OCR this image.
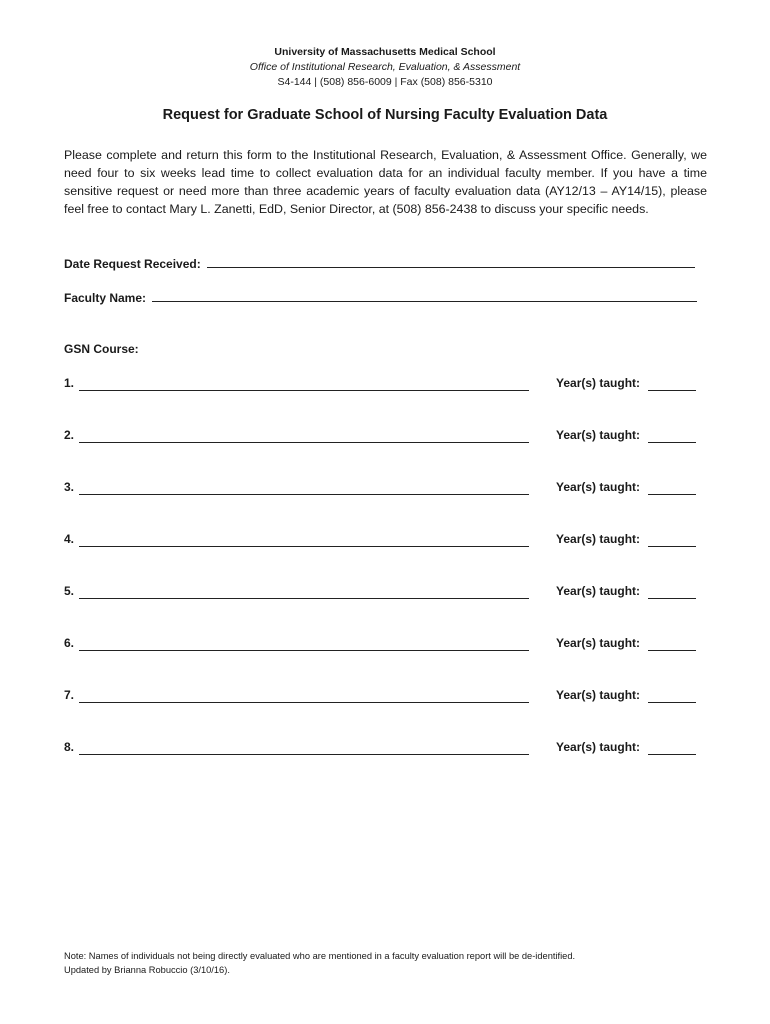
University of Massachusetts Medical School
Office of Institutional Research, Evaluation, & Assessment
S4-144 | (508) 856-6009 | Fax (508) 856-5310
Request for Graduate School of Nursing Faculty Evaluation Data
Please complete and return this form to the Institutional Research, Evaluation, & Assessment Office. Generally, we need four to six weeks lead time to collect evaluation data for an individual faculty member. If you have a time sensitive request or need more than three academic years of faculty evaluation data (AY12/13 – AY14/15), please feel free to contact Mary L. Zanetti, EdD, Senior Director, at (508) 856-2438 to discuss your specific needs.
Date Request Received:
Faculty Name:
GSN Course:
1.	Year(s) taught:
2.	Year(s) taught:
3.	Year(s) taught:
4.	Year(s) taught:
5.	Year(s) taught:
6.	Year(s) taught:
7.	Year(s) taught:
8.	Year(s) taught:
Note: Names of individuals not being directly evaluated who are mentioned in a faculty evaluation report will be de-identified.
Updated by Brianna Robuccio (3/10/16).
